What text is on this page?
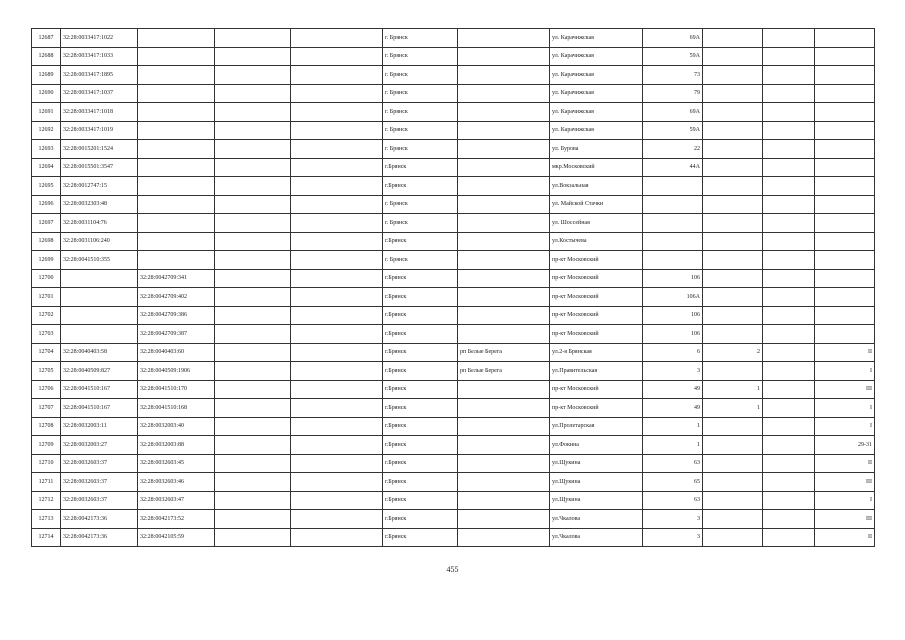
12687	32:28:0033417:1022				г. Брянск		ул. Карачижская	69А			
12688	32:28:0033417:1033				г. Брянск		ул. Карачижская	59А			
12689	32:28:0033417:1895				г. Брянск		ул. Карачижская	73			
12690	32:28:0033417:1037				г. Брянск		ул. Карачижская	79			
12691	32:28:0033417:1018				г. Брянск		ул. Карачижская	69А			
12692	32:28:0033417:1019				г. Брянск		ул. Карачижская	59А			
12693	32:28:0015201:1524				г. Брянск		ул. Бурова	22			
12694	32:28:0015501:3547				г.Брянск		мкр.Московский	44А			
12695	32:28:0012747:15				г.Брянск		ул.Вокзальная				
12696	32:28:0032303:48				г. Брянск		ул. Майской Стачки				
12697	32:28:0031104:76				г. Брянск		ул. Шоссейная				
12698	32:28:0031106:240				г.Брянск		ул.Костычева				
12699	32:28:0041510:355				г. Брянск		пр-кт Московский				
12700		32:28:0042709:341			г.Брянск		пр-кт Московский	106			
12701		32:28:0042709:402			г.Брянск		пр-кт Московский	106А			
12702		32:28:0042709:386			г.Брянск		пр-кт Московский	106			
12703		32:28:0042709:387			г.Брянск		пр-кт Московский	106			
12704	32:28:0040403:58	32:28:0040403:60			г.Брянск	рп Белые Берега	ул.2-я Брянская	6	2		II
12705	32:28:0040509:827	32:28:0040509:1906			г.Брянск	рп Белые Берега	ул.Правительская	3			I
12706	32:28:0041510:167	32:28:0041510:170			г.Брянск		пр-кт Московский	49	1		III
12707	32:28:0041510:167	32:28:0041510:168			г.Брянск		пр-кт Московский	49	1		I
12708	32:28:0032003:11	32:28:0032003:40			г.Брянск		ул.Пролетарская	1			I
12709	32:28:0032003:27	32:28:0032003:88			г.Брянск		ул.Фокина	1			29-31
12710	32:28:0032603:37	32:28:0032603:45			г.Брянск		ул.Щукина	63			II
12711	32:28:0032603:37	32:28:0032603:46			г.Брянск		ул.Щукина	65			III
12712	32:28:0032603:37	32:28:0032603:47			г.Брянск		ул.Щукина	63			I
12713	32:28:0042173:36	32:28:0042173:52			г.Брянск		ул.Чкалова	3			III
12714	32:28:0042173:36	32:28:0042105:59			г.Брянск		ул.Чкалова	3			II
455
